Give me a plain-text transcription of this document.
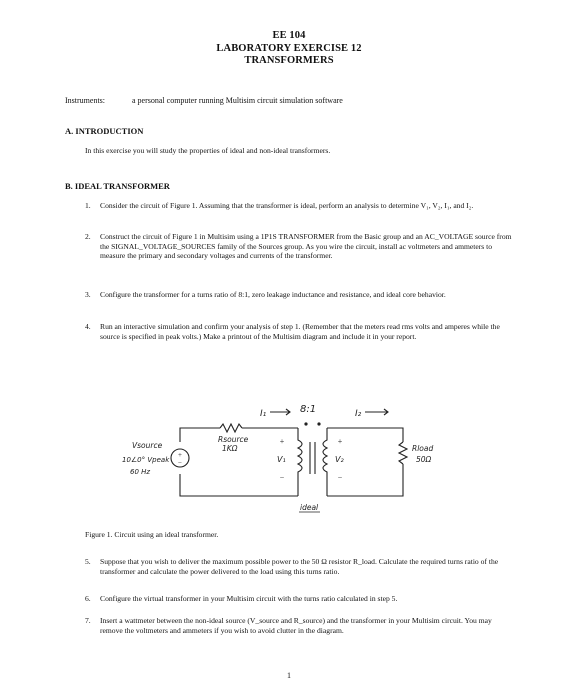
EE 104
LABORATORY EXERCISE 12
TRANSFORMERS
Instruments:	a personal computer running Multisim circuit simulation software
A. INTRODUCTION
In this exercise you will study the properties of ideal and non-ideal transformers.
B. IDEAL TRANSFORMER
1.	Consider the circuit of Figure 1. Assuming that the transformer is ideal, perform an analysis to determine V₁, V₂, I₁, and I₂.
2.	Construct the circuit of Figure 1 in Multisim using a 1P1S TRANSFORMER from the Basic group and an AC_VOLTAGE source from the SIGNAL_VOLTAGE_SOURCES family of the Sources group. As you wire the circuit, install ac voltmeters and ammeters to measure the primary and secondary voltages and currents of the transformer.
3.	Configure the transformer for a turns ratio of 8:1, zero leakage inductance and resistance, and ideal core behavior.
4.	Run an interactive simulation and confirm your analysis of step 1. (Remember that the meters read rms volts and amperes while the source is specified in peak volts.) Make a printout of the Multisim diagram and include it in your report.
+
−
+
−
+
−
I₁	8:1	I₂
Rsource
1KΩ
Vsource
10∠0° Vpeak
60 Hz
V₁	V₂
Rload
50Ω
ideal
Figure 1. Circuit using an ideal transformer.
5.	Suppose that you wish to deliver the maximum possible power to the 50 Ω resistor R_load. Calculate the required turns ratio of the transformer and calculate the power delivered to the load using this turns ratio.
6.	Configure the virtual transformer in your Multisim circuit with the turns ratio calculated in step 5.
7.	Insert a wattmeter between the non-ideal source (V_source and R_source) and the transformer in your Multisim circuit. You may remove the voltmeters and ammeters if you wish to avoid clutter in the diagram.
1
